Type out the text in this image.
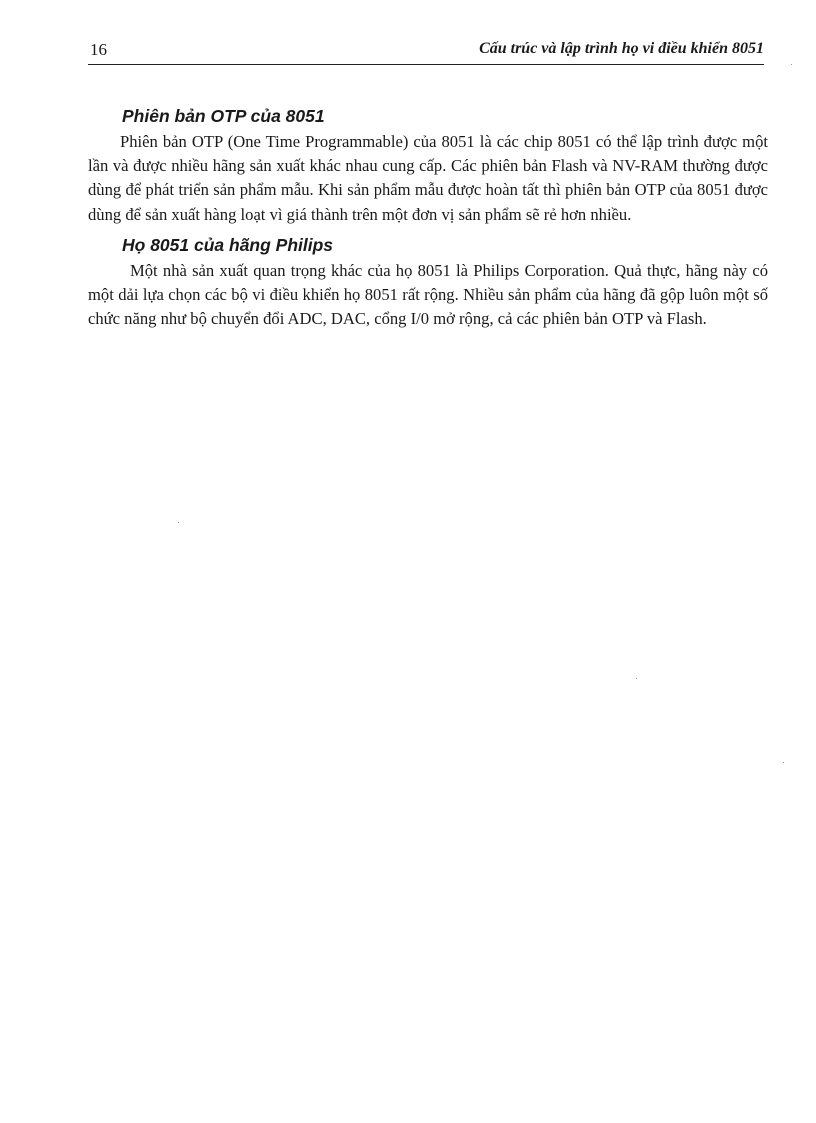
16	Cấu trúc và lập trình họ vi điều khiển 8051
Phiên bản OTP của 8051

Phiên bản OTP (One Time Programmable) của 8051 là các chip 8051 có thể lập trình được một lần và được nhiều hãng sản xuất khác nhau cung cấp. Các phiên bản Flash và NV-RAM thường được dùng để phát triển sản phẩm mẫu. Khi sản phẩm mẫu được hoàn tất thì phiên bản OTP của 8051 được dùng để sản xuất hàng loạt vì giá thành trên một đơn vị sản phẩm sẽ rẻ hơn nhiều.

Họ 8051 của hãng Philips

Một nhà sản xuất quan trọng khác của họ 8051 là Philips Corporation. Quả thực, hãng này có một dải lựa chọn các bộ vi điều khiển họ 8051 rất rộng. Nhiều sản phẩm của hãng đã gộp luôn một số chức năng như bộ chuyển đổi ADC, DAC, cổng I/0 mở rộng, cả các phiên bản OTP và Flash.
